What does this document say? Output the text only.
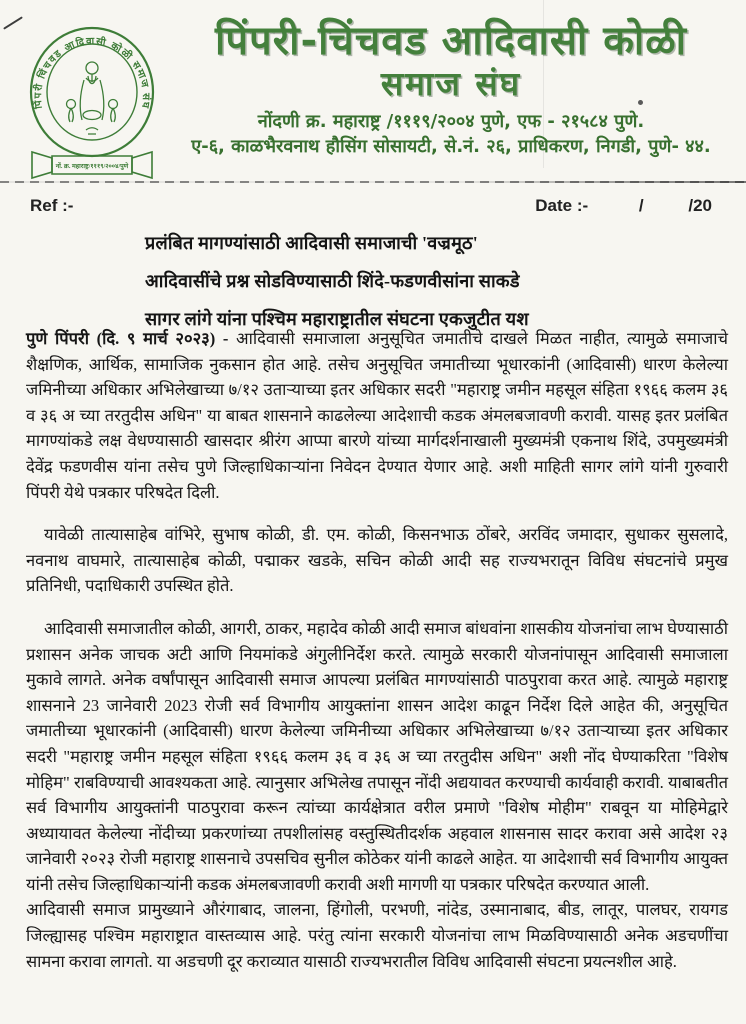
पिंपरी चिंचवड आदिवासी कोळी समाज संघ
नों. क्र. महाराष्ट्र/१११९/२००४/पुणे
पिंपरी-चिंचवड आदिवासी कोळी
समाज संघ
नोंदणी क्र. महाराष्ट्र /१११९/२००४ पुणे, एफ - २१५८४ पुणे.
ए-६, काळभैरवनाथ हौसिंग सोसायटी, से.नं. २६, प्राधिकरण, निगडी, पुणे- ४४.
Ref :-	Date :-	/	/20
प्रलंबित मागण्यांसाठी आदिवासी समाजाची 'वज्रमूठ'
आदिवासींचे प्रश्न सोडविण्यासाठी शिंदे-फडणवीसांना साकडे
सागर लांगे यांना पश्चिम महाराष्ट्रातील संघटना एकजुटीत यश

पुणे पिंपरी (दि. ९ मार्च २०२३) - आदिवासी समाजाला अनुसूचित जमातीचे दाखले मिळत नाहीत, त्यामुळे समाजाचे शैक्षणिक, आर्थिक, सामाजिक नुकसान होत आहे. तसेच अनुसूचित जमातीच्या भूधारकांनी (आदिवासी) धारण केलेल्या जमिनीच्या अधिकार अभिलेखाच्या ७/१२ उताऱ्याच्या इतर अधिकार सदरी "महाराष्ट्र जमीन महसूल संहिता १९६६ कलम ३६ व ३६ अ च्या तरतुदीस अधिन" या बाबत शासनाने काढलेल्या आदेशाची कडक अंमलबजावणी करावी. यासह इतर प्रलंबित मागण्यांकडे लक्ष वेधण्यासाठी खासदार श्रीरंग आप्पा बारणे यांच्या मार्गदर्शनाखाली मुख्यमंत्री एकनाथ शिंदे, उपमुख्यमंत्री देवेंद्र फडणवीस यांना तसेच पुणे जिल्हाधिकाऱ्यांना निवेदन देण्यात येणार आहे. अशी माहिती सागर लांगे यांनी गुरुवारी पिंपरी येथे पत्रकार परिषदेत दिली.

यावेळी तात्यासाहेब वांभिरे, सुभाष कोळी, डी. एम. कोळी, किसनभाऊ ठोंबरे, अरविंद जमादार, सुधाकर सुसलादे, नवनाथ वाघमारे, तात्यासाहेब कोळी, पद्माकर खडके, सचिन कोळी आदी सह राज्यभरातून विविध संघटनांचे प्रमुख प्रतिनिधी, पदाधिकारी उपस्थित होते.

आदिवासी समाजातील कोळी, आगरी, ठाकर, महादेव कोळी आदी समाज बांधवांना शासकीय योजनांचा लाभ घेण्यासाठी प्रशासन अनेक जाचक अटी आणि नियमांकडे अंगुलीनिर्देश करते. त्यामुळे सरकारी योजनांपासून आदिवासी समाजाला मुकावे लागते. अनेक वर्षांपासून आदिवासी समाज आपल्या प्रलंबित मागण्यांसाठी पाठपुरावा करत आहे. त्यामुळे महाराष्ट्र शासनाने 23 जानेवारी 2023 रोजी सर्व विभागीय आयुक्तांना शासन आदेश काढून निर्देश दिले आहेत की, अनुसूचित जमातीच्या भूधारकांनी (आदिवासी) धारण केलेल्या जमिनीच्या अधिकार अभिलेखाच्या ७/१२ उताऱ्याच्या इतर अधिकार सदरी "महाराष्ट्र जमीन महसूल संहिता १९६६ कलम ३६ व ३६ अ च्या तरतुदीस अधिन" अशी नोंद घेण्याकरिता "विशेष मोहिम" राबविण्याची आवश्यकता आहे. त्यानुसार अभिलेख तपासून नोंदी अद्ययावत करण्याची कार्यवाही करावी. याबाबतीत सर्व विभागीय आयुक्तांनी पाठपुरावा करून त्यांच्या कार्यक्षेत्रात वरील प्रमाणे "विशेष मोहीम" राबवून या मोहिमेद्वारे अध्यायावत केलेल्या नोंदीच्या प्रकरणांच्या तपशीलांसह वस्तुस्थितीदर्शक अहवाल शासनास सादर करावा असे आदेश २३ जानेवारी २०२३ रोजी महाराष्ट्र शासनाचे उपसचिव सुनील कोठेकर यांनी काढले आहेत. या आदेशाची सर्व विभागीय आयुक्त यांनी तसेच जिल्हाधिकाऱ्यांनी कडक अंमलबजावणी करावी अशी मागणी या पत्रकार परिषदेत करण्यात आली.

आदिवासी समाज प्रामुख्याने औरंगाबाद, जालना, हिंगोली, परभणी, नांदेड, उस्मानाबाद, बीड, लातूर, पालघर, रायगड जिल्ह्यासह पश्चिम महाराष्ट्रात वास्तव्यास आहे. परंतु त्यांना सरकारी योजनांचा लाभ मिळविण्यासाठी अनेक अडचणींचा सामना करावा लागतो. या अडचणी दूर कराव्यात यासाठी राज्यभरातील विविध आदिवासी संघटना प्रयत्नशील आहे.
